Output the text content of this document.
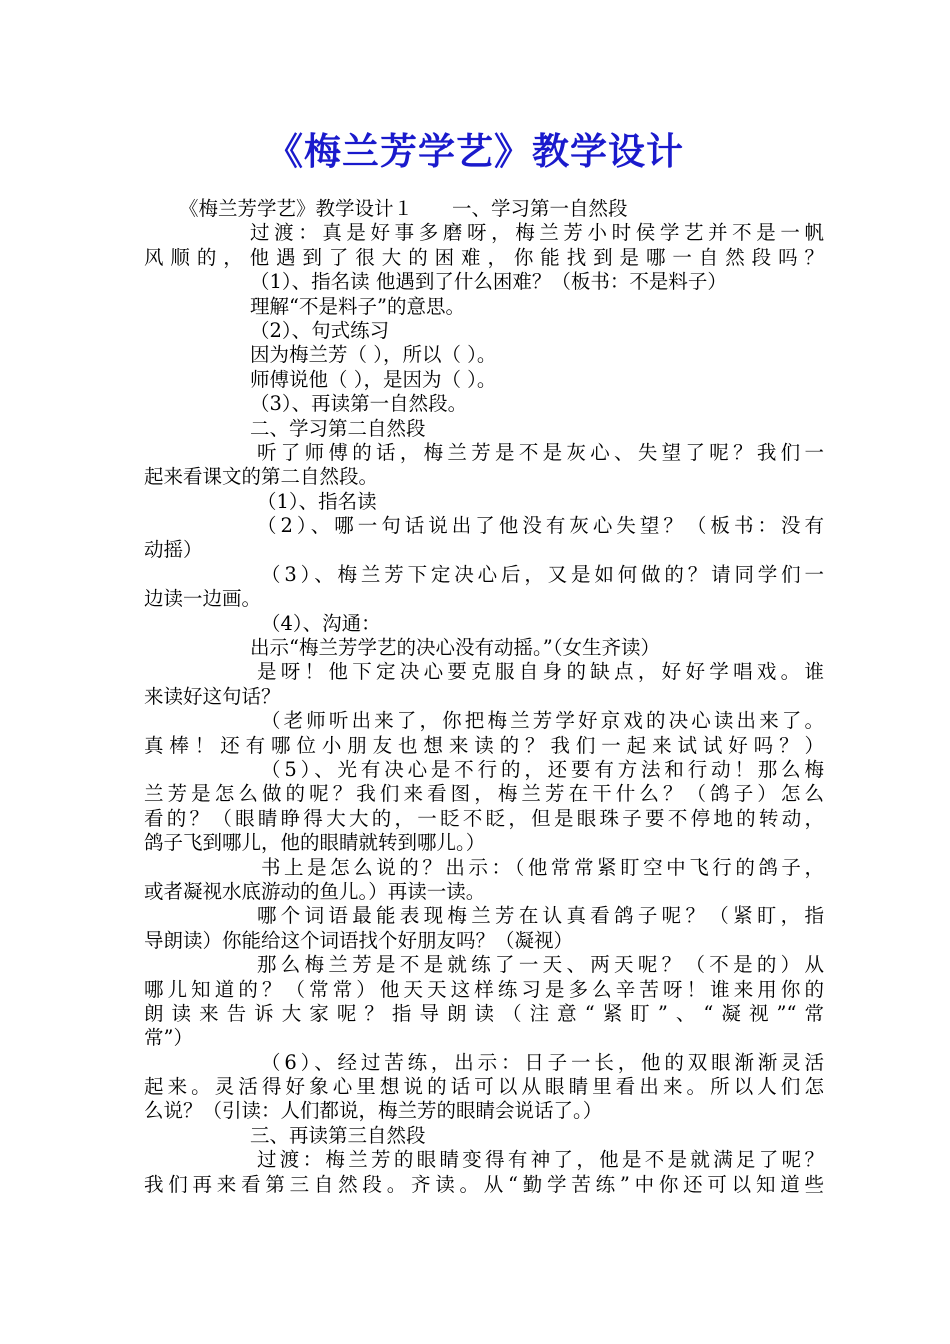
《梅兰芳学艺》教学设计
《梅兰芳学艺》教学设计１　　一、学习第一自然段
过渡：真是好事多磨呀，梅兰芳小时侯学艺并不是一帆
风顺的，他遇到了很大的困难，你能找到是哪一自然段吗？
（1）、指名读 他遇到了什么困难？（板书：不是料子）
理解“不是料子”的意思。
（2）、句式练习
因为梅兰芳（ ），所以（ ）。
师傅说他（ ），是因为（ ）。
（3）、再读第一自然段。
二、学习第二自然段
听了师傅的话，梅兰芳是不是灰心、失望了呢？我们一
起来看课文的第二自然段。
（1）、指名读
（2）、哪一句话说出了他没有灰心失望？（板书：没有
动摇）
（3）、梅兰芳下定决心后，又是如何做的？请同学们一
边读一边画。
（4）、沟通：
出示“梅兰芳学艺的决心没有动摇。”（女生齐读）
是呀！他下定决心要克服自身的缺点，好好学唱戏。谁
来读好这句话？
（老师听出来了，你把梅兰芳学好京戏的决心读出来了。
真棒！还有哪位小朋友也想来读的？我们一起来试试好吗？）
（5）、光有决心是不行的，还要有方法和行动！那么梅
兰芳是怎么做的呢？我们来看图，梅兰芳在干什么？（鸽子）怎么
看的？（眼睛睁得大大的，一眨不眨，但是眼珠子要不停地的转动，
鸽子飞到哪儿，他的眼睛就转到哪儿。）
书上是怎么说的？出示：（他常常紧盯空中飞行的鸽子，
或者凝视水底游动的鱼儿。）再读一读。
哪个词语最能表现梅兰芳在认真看鸽子呢？（紧盯，指
导朗读）你能给这个词语找个好朋友吗？（凝视）
那么梅兰芳是不是就练了一天、两天呢？（不是的）从
哪儿知道的？（常常）他天天这样练习是多么辛苦呀！谁来用你的
朗读来告诉大家呢？指导朗读（注意“紧盯”、“凝视”“常
常”）
（6）、经过苦练，出示：日子一长，他的双眼渐渐灵活
起来。灵活得好象心里想说的话可以从眼睛里看出来。所以人们怎
么说？（引读：人们都说，梅兰芳的眼睛会说话了。）
三、再读第三自然段
过渡：梅兰芳的眼睛变得有神了，他是不是就满足了呢？
我们再来看第三自然段。齐读。从“勤学苦练”中你还可以知道些
